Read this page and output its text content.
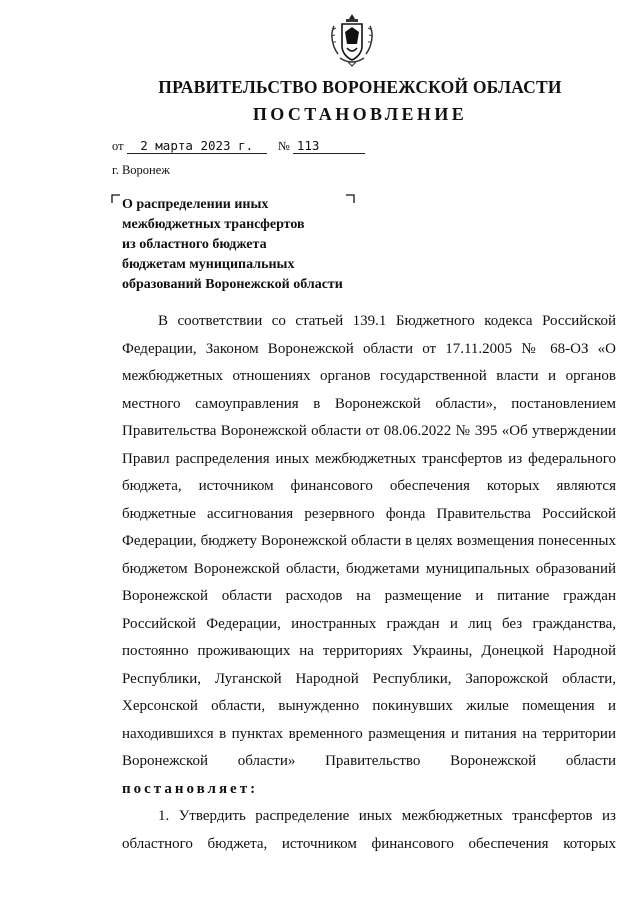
ПРАВИТЕЛЬСТВО ВОРОНЕЖСКОЙ ОБЛАСТИ
ПОСТАНОВЛЕНИЕ
от 2 марта 2023 г. № 113
г. Воронеж
О распределении иных
межбюджетных трансфертов
из областного бюджета
бюджетам муниципальных
образований Воронежской области

В соответствии со статьей 139.1 Бюджетного кодекса Российской Федерации, Законом Воронежской области от 17.11.2005 № 68-ОЗ «О межбюджетных отношениях органов государственной власти и органов местного самоуправления в Воронежской области», постановлением Правительства Воронежской области от 08.06.2022 № 395 «Об утверждении Правил распределения иных межбюджетных трансфертов из федерального бюджета, источником финансового обеспечения которых являются бюджетные ассигнования резервного фонда Правительства Российской Федерации, бюджету Воронежской области в целях возмещения понесенных бюджетом Воронежской области, бюджетами муниципальных образований Воронежской области расходов на размещение и питание граждан Российской Федерации, иностранных граждан и лиц без гражданства, постоянно проживающих на территориях Украины, Донецкой Народной Республики, Луганской Народной Республики, Запорожской области, Херсонской области, вынужденно покинувших жилые помещения и находившихся в пунктах временного размещения и питания на территории Воронежской области» Правительство Воронежской области

постановляет:

1. Утвердить распределение иных межбюджетных трансфертов из областного бюджета, источником финансового обеспечения которых
